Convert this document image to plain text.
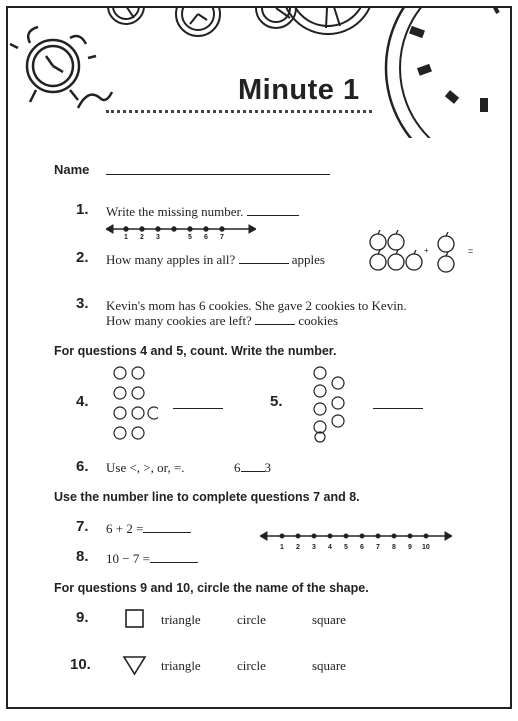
Minute 1
Name
1. Write the missing number.
1 2 3	5 6 7
2. How many apples in all?	apples
+	=
3. Kevin's mom has 6 cookies. She gave 2 cookies to Kevin.
How many cookies are left?	cookies
For questions 4 and 5, count. Write the number.
4.	5.
6. Use <, >, or, =.	6 3
Use the number line to complete questions 7 and 8.
7. 6 + 2 =
8. 10 − 7 =
1 2 3 4 5 6 7 8 9 10
For questions 9 and 10, circle the name of the shape.
9.	triangle	circle	square
10.	triangle	circle	square
